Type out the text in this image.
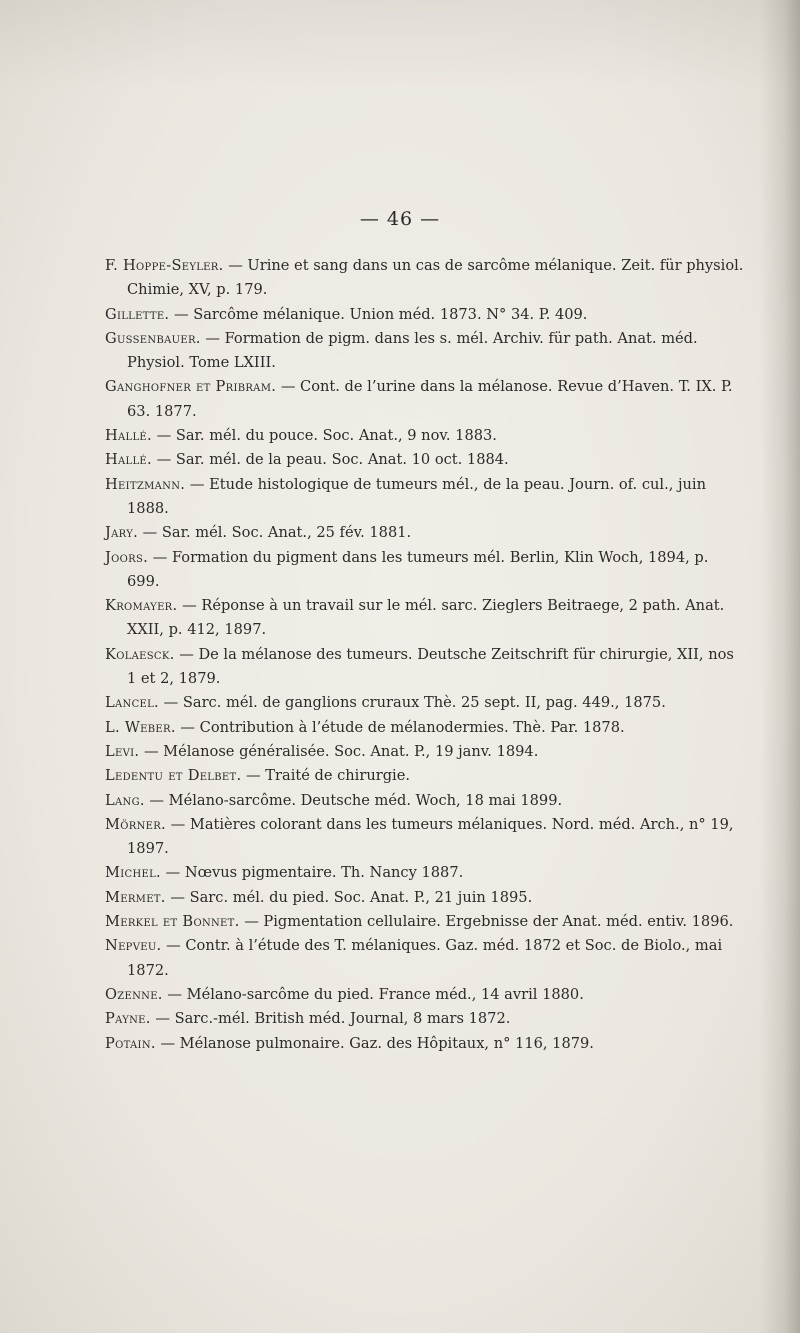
— 46 —

F. Hoppe-Seyler. — Urine et sang dans un cas de sarcôme mélanique. Zeit. für physiol. Chimie, XV, p. 179.

Gillette. — Sarcôme mélanique. Union méd. 1873. N° 34. P. 409.

Gussenbauer. — Formation de pigm. dans les s. mél. Archiv. für path. Anat. méd. Physiol. Tome LXIII.

Ganghofner et Pribram. — Cont. de l’urine dans la mélanose. Revue d’Haven. T. IX. P. 63. 1877.

Hallé. — Sar. mél. du pouce. Soc. Anat., 9 nov. 1883.

Hallé. — Sar. mél. de la peau. Soc. Anat. 10 oct. 1884.

Heitzmann. — Etude histologique de tumeurs mél., de la peau. Journ. of. cul., juin 1888.

Jary. — Sar. mél. Soc. Anat., 25 fév. 1881.

Joors. — Formation du pigment dans les tumeurs mél. Berlin, Klin Woch, 1894, p. 699.

Kromayer. — Réponse à un travail sur le mél. sarc. Zieglers Beitraege, 2 path. Anat. XXII, p. 412, 1897.

Kolaesck. — De la mélanose des tumeurs. Deutsche Zeitschrift für chirurgie, XII, nos 1 et 2, 1879.

Lancel. — Sarc. mél. de ganglions cruraux Thè. 25 sept. II, pag. 449., 1875.

L. Weber. — Contribution à l’étude de mélanodermies. Thè. Par. 1878.

Levi. — Mélanose généralisée. Soc. Anat. P., 19 janv. 1894.

Ledentu et Delbet. — Traité de chirurgie.

Lang. — Mélano-sarcôme. Deutsche méd. Woch, 18 mai 1899.

Mörner. — Matières colorant dans les tumeurs mélaniques. Nord. méd. Arch., n° 19, 1897.

Michel. — Nœvus pigmentaire. Th. Nancy 1887.

Mermet. — Sarc. mél. du pied. Soc. Anat. P., 21 juin 1895.

Merkel et Bonnet. — Pigmentation cellulaire. Ergebnisse der Anat. méd. entiv. 1896.

Nepveu. — Contr. à l’étude des T. mélaniques. Gaz. méd. 1872 et Soc. de Biolo., mai 1872.

Ozenne. — Mélano-sarcôme du pied. France méd., 14 avril 1880.

Payne. — Sarc.-mél. British méd. Journal, 8 mars 1872.

Potain. — Mélanose pulmonaire. Gaz. des Hôpitaux, n° 116, 1879.
